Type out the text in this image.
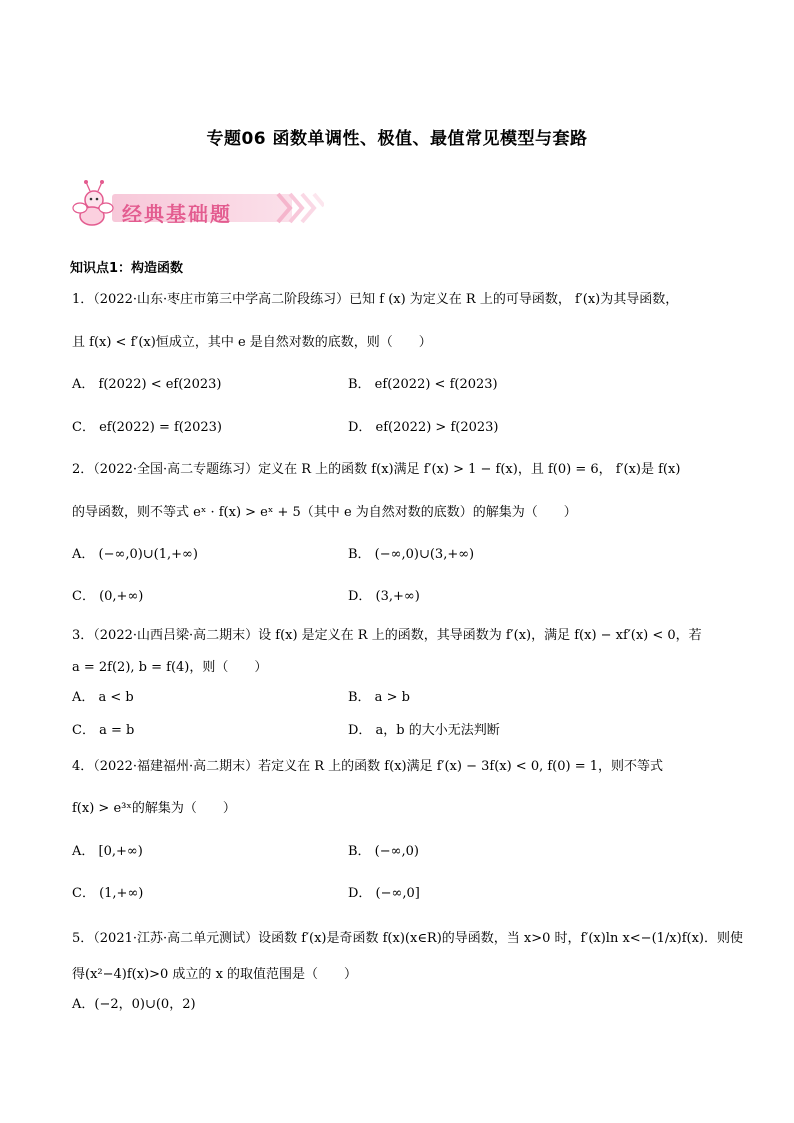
专题06 函数单调性、极值、最值常见模型与套路
经典基础题
知识点1：构造函数
1．（2022·山东·枣庄市第三中学高二阶段练习）已知 f (x) 为定义在 R 上的可导函数， f′(x)为其导函数，
且 f(x) < f′(x)恒成立，其中 e 是自然对数的底数，则（　　）
A． f(2022) < ef(2023)	B． ef(2022) < f(2023)
C． ef(2022) = f(2023)	D． ef(2022) > f(2023)
2．（2022·全国·高二专题练习）定义在 R 上的函数 f(x)满足 f′(x) > 1 − f(x)，且 f(0) = 6， f′(x)是 f(x)
的导函数，则不等式 eˣ · f(x) > eˣ + 5（其中 e 为自然对数的底数）的解集为（　　）
A． (−∞,0)∪(1,+∞)	B． (−∞,0)∪(3,+∞)
C． (0,+∞)	D． (3,+∞)
3．（2022·山西吕梁·高二期末）设 f(x) 是定义在 R 上的函数，其导函数为 f′(x)，满足 f(x) − xf′(x) < 0，若
a = 2f(2), b = f(4)，则（　　）
A． a < b	B． a > b
C． a = b	D． a，b 的大小无法判断
4．（2022·福建福州·高二期末）若定义在 R 上的函数 f(x)满足 f′(x) − 3f(x) < 0, f(0) = 1，则不等式
f(x) > e³ˣ的解集为（　　）
A． [0,+∞)	B． (−∞,0)
C． (1,+∞)	D． (−∞,0]
5．（2021·江苏·高二单元测试）设函数 f′(x)是奇函数 f(x)(x∈R)的导函数，当 x>0 时，f′(x)ln x<−(1/x)f(x)．则使
得(x²−4)f(x)>0 成立的 x 的取值范围是（　　）
A．(−2，0)∪(0，2)
